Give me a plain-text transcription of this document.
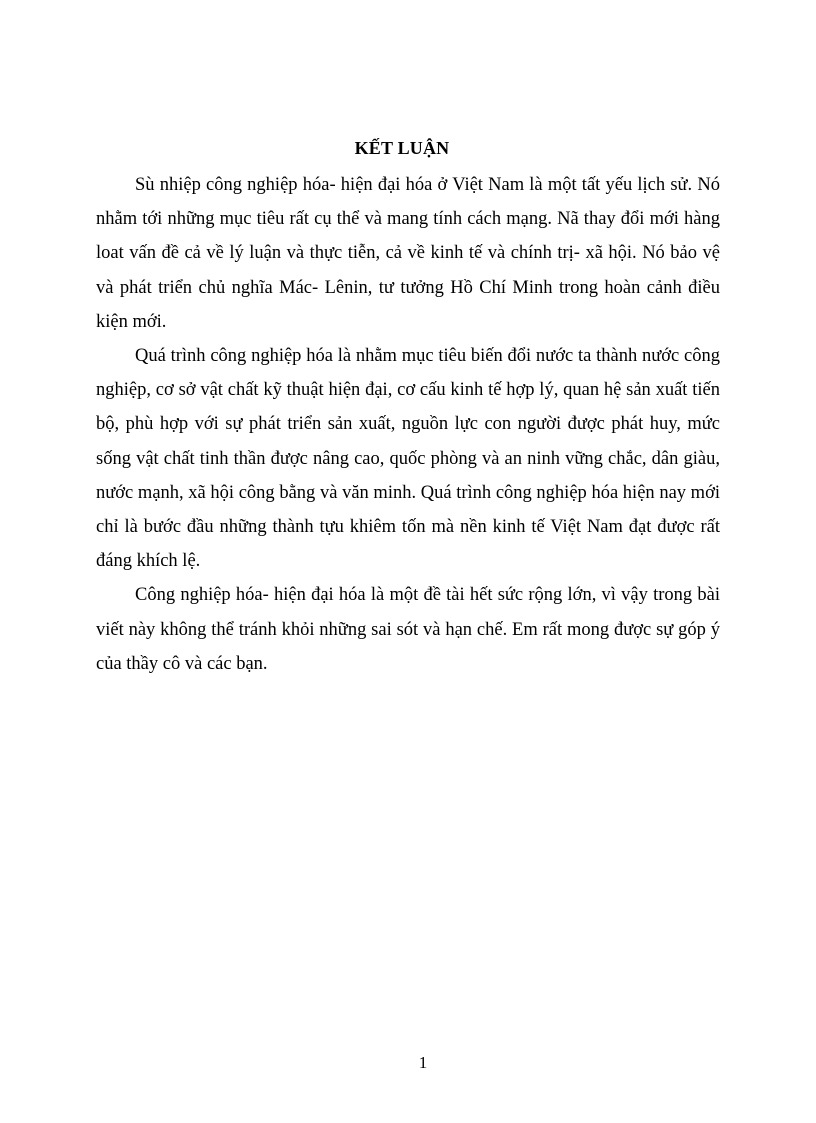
KẾT LUẬN

Sù nhiệp công nghiệp hóa- hiện đại hóa ở Việt Nam là một tất yếu lịch sử. Nó nhằm tới những mục tiêu rất cụ thể và mang tính cách mạng. Nã thay đổi mới hàng loat vấn đề cả về lý luận và thực tiễn, cả về kinh tế và chính trị- xã hội. Nó bảo vệ và phát triển chủ nghĩa Mác- Lênin, tư tưởng Hồ Chí Minh trong hoàn cảnh điều kiện mới.

Quá trình công nghiệp hóa là nhằm mục tiêu biến đổi nước ta thành nước công nghiệp, cơ sở vật chất kỹ thuật hiện đại, cơ cấu kinh tế hợp lý, quan hệ sản xuất tiến bộ, phù hợp với sự phát triển sản xuất, nguồn lực con người được phát huy, mức sống vật chất tinh thần được nâng cao, quốc phòng và an ninh vững chắc, dân giàu, nước mạnh, xã hội công bằng và văn minh. Quá trình công nghiệp hóa hiện nay mới chỉ là bước đầu những thành tựu khiêm tốn mà nền kinh tế Việt Nam đạt được rất đáng khích lệ.

Công nghiệp hóa- hiện đại hóa là một đề tài hết sức rộng lớn, vì vậy trong bài viết này không thể tránh khỏi những sai sót và hạn chế. Em rất mong được sự góp ý của thầy cô và các bạn.

1
